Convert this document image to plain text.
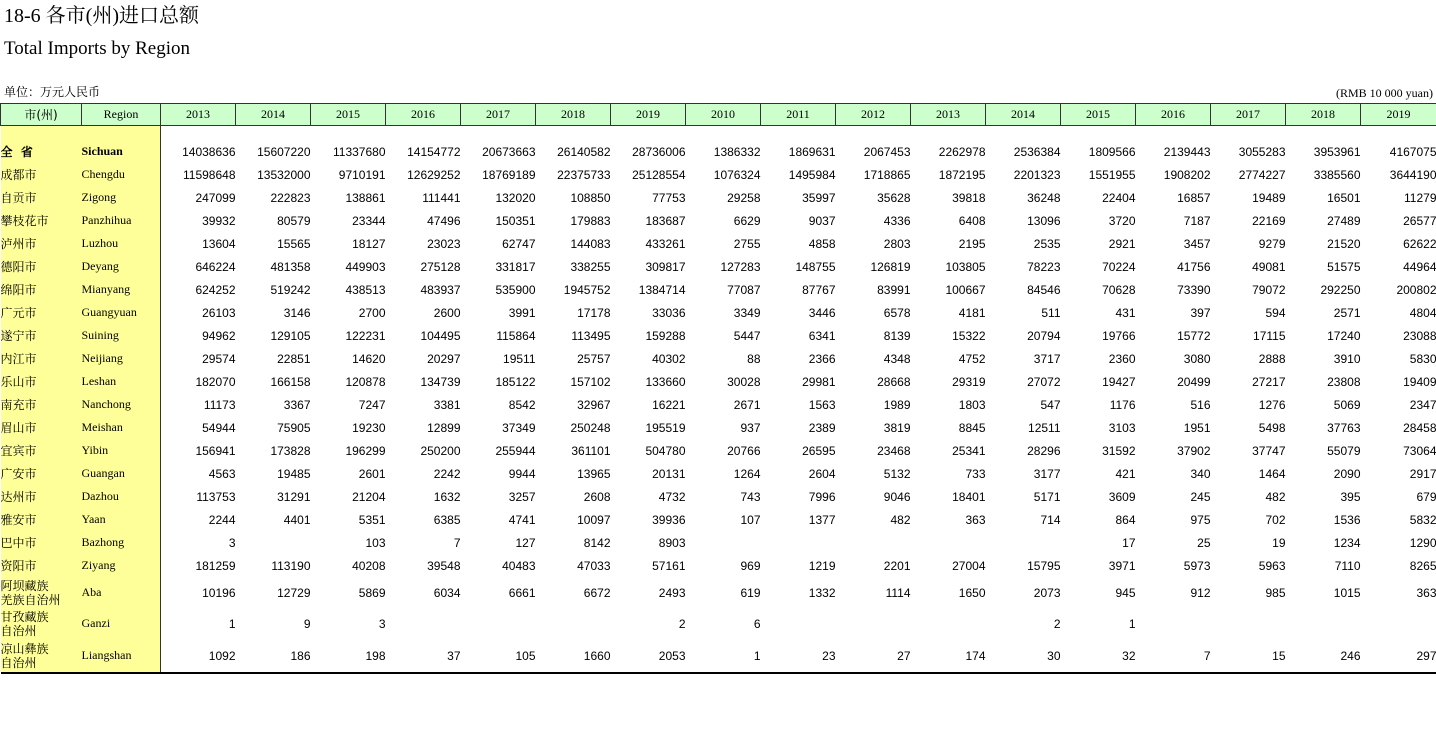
18-6 各市(州)进口总额
Total Imports by Region
单位：万元人民币	(RMB 10 000 yuan)
市(州)	Region	2013	2014	2015	2016	2017	2018	2019	2010	2011	2012	2013	2014	2015	2016	2017	2018	2019

全  省	Sichuan	14038636	15607220	11337680	14154772	20673663	26140582	28736006	1386332	1869631	2067453	2262978	2536384	1809566	2139443	3055283	3953961	4167075
成都市	Chengdu	11598648	13532000	9710191	12629252	18769189	22375733	25128554	1076324	1495984	1718865	1872195	2201323	1551955	1908202	2774227	3385560	3644190
自贡市	Zigong	247099	222823	138861	111441	132020	108850	77753	29258	35997	35628	39818	36248	22404	16857	19489	16501	11279
攀枝花市	Panzhihua	39932	80579	23344	47496	150351	179883	183687	6629	9037	4336	6408	13096	3720	7187	22169	27489	26577
泸州市	Luzhou	13604	15565	18127	23023	62747	144083	433261	2755	4858	2803	2195	2535	2921	3457	9279	21520	62622
德阳市	Deyang	646224	481358	449903	275128	331817	338255	309817	127283	148755	126819	103805	78223	70224	41756	49081	51575	44964
绵阳市	Mianyang	624252	519242	438513	483937	535900	1945752	1384714	77087	87767	83991	100667	84546	70628	73390	79072	292250	200802
广元市	Guangyuan	26103	3146	2700	2600	3991	17178	33036	3349	3446	6578	4181	511	431	397	594	2571	4804
遂宁市	Suining	94962	129105	122231	104495	115864	113495	159288	5447	6341	8139	15322	20794	19766	15772	17115	17240	23088
内江市	Neijiang	29574	22851	14620	20297	19511	25757	40302	88	2366	4348	4752	3717	2360	3080	2888	3910	5830
乐山市	Leshan	182070	166158	120878	134739	185122	157102	133660	30028	29981	28668	29319	27072	19427	20499	27217	23808	19409
南充市	Nanchong	11173	3367	7247	3381	8542	32967	16221	2671	1563	1989	1803	547	1176	516	1276	5069	2347
眉山市	Meishan	54944	75905	19230	12899	37349	250248	195519	937	2389	3819	8845	12511	3103	1951	5498	37763	28458
宜宾市	Yibin	156941	173828	196299	250200	255944	361101	504780	20766	26595	23468	25341	28296	31592	37902	37747	55079	73064
广安市	Guangan	4563	19485	2601	2242	9944	13965	20131	1264	2604	5132	733	3177	421	340	1464	2090	2917
达州市	Dazhou	113753	31291	21204	1632	3257	2608	4732	743	7996	9046	18401	5171	3609	245	482	395	679
雅安市	Yaan	2244	4401	5351	6385	4741	10097	39936	107	1377	482	363	714	864	975	702	1536	5832
巴中市	Bazhong	3		103	7	127	8142	8903						17	25	19	1234	1290
资阳市	Ziyang	181259	113190	40208	39548	40483	47033	57161	969	1219	2201	27004	15795	3971	5973	5963	7110	8265
阿坝藏族
羌族自治州	Aba	10196	12729	5869	6034	6661	6672	2493	619	1332	1114	1650	2073	945	912	985	1015	363
甘孜藏族
自治州	Ganzi	1	9	3				2	6				2	1				
凉山彝族
自治州	Liangshan	1092	186	198	37	105	1660	2053	1	23	27	174	30	32	7	15	246	297
